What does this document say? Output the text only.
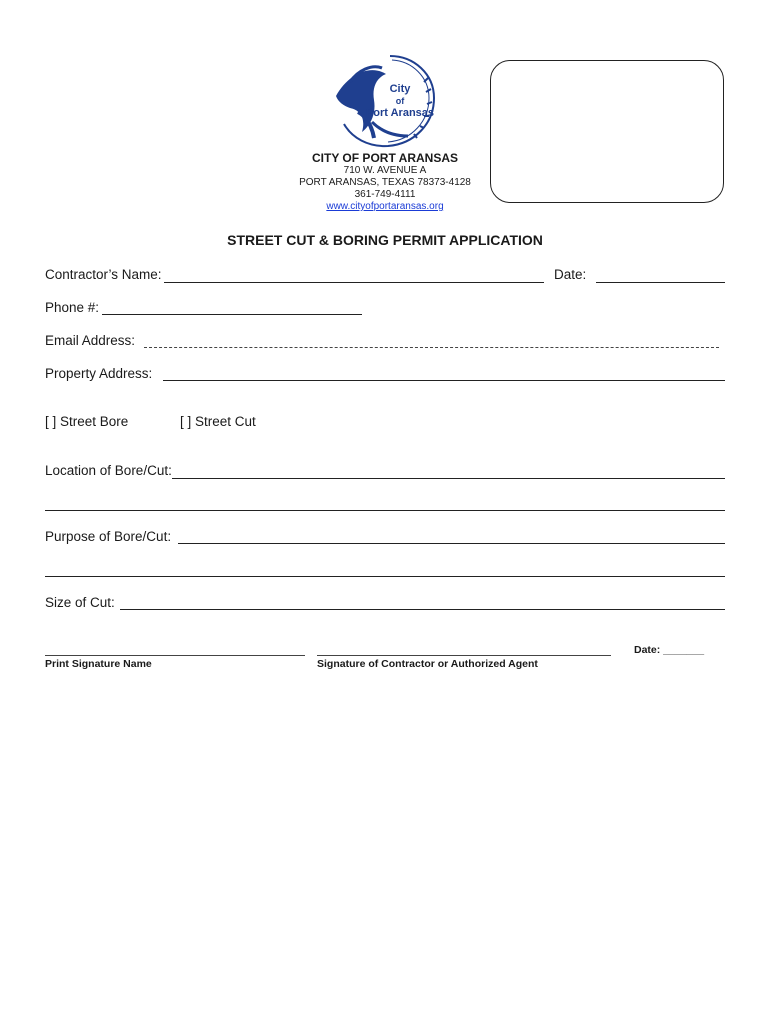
City
of
Port Aransas
CITY OF PORT ARANSAS
710 W. AVENUE A
PORT ARANSAS, TEXAS 78373-4128
361-749-4111
www.cityofportaransas.org
STREET CUT & BORING PERMIT APPLICATION
Contractor’s Name:	Date:
Phone #:
Email Address:
Property Address:
[ ] Street Bore	[ ] Street Cut
Location of Bore/Cut:
Purpose of Bore/Cut:
Size of Cut:
Print Signature Name	Signature of Contractor or Authorized Agent
Date: _______
